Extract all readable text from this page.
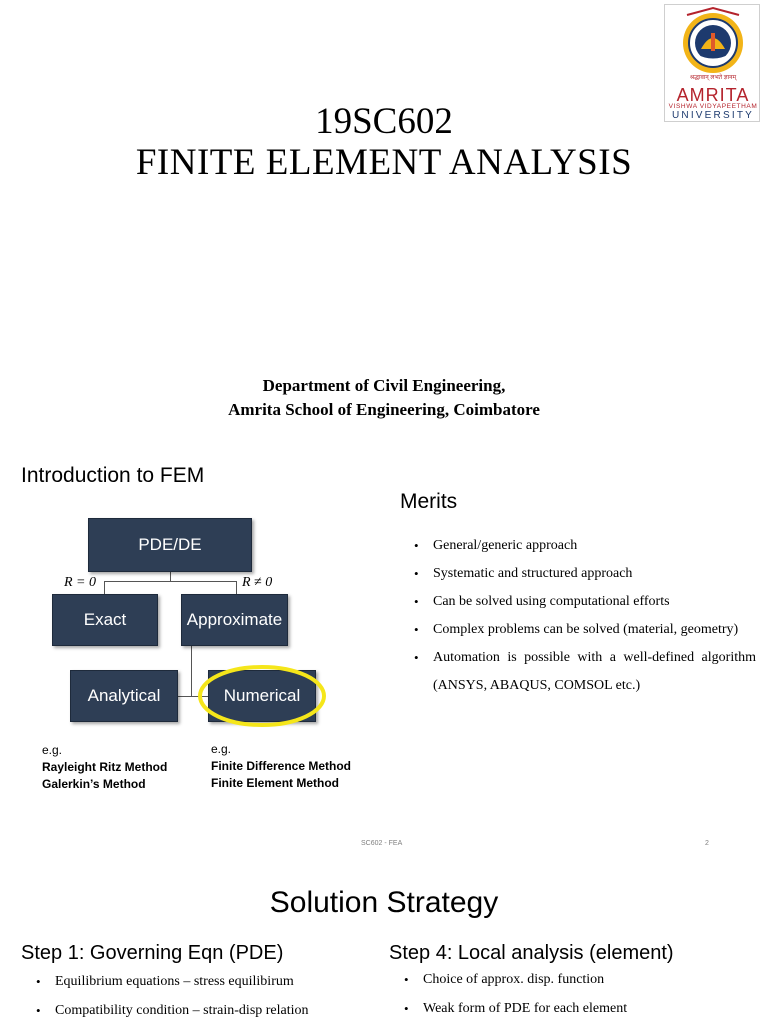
श्रद्धावान् लभते ज्ञानम्
AMRITA
VISHWA VIDYAPEETHAM
UNIVERSITY
19SC602
FINITE ELEMENT ANALYSIS
Department of Civil Engineering,
Amrita School of Engineering, Coimbatore
Introduction to FEM
PDE/DE
R = 0	R ≠ 0
Exact	Approximate
Analytical	Numerical
e.g.
Rayleight Ritz Method
Galerkin’s Method
e.g.
Finite Difference Method
Finite Element Method
Merits
• General/generic approach
• Systematic and structured approach
• Can be solved using computational efforts
• Complex problems can be solved (material, geometry)
• Automation is possible with a well-defined algorithm (ANSYS, ABAQUS, COMSOL etc.)
SC602 - FEA	2
Solution Strategy
Step 1: Governing Eqn (PDE)
• Equilibrium equations – stress equilibirum
• Compatibility condition – strain-disp relation
Step 4: Local analysis (element)
• Choice of approx. disp. function
• Weak form of PDE for each element
